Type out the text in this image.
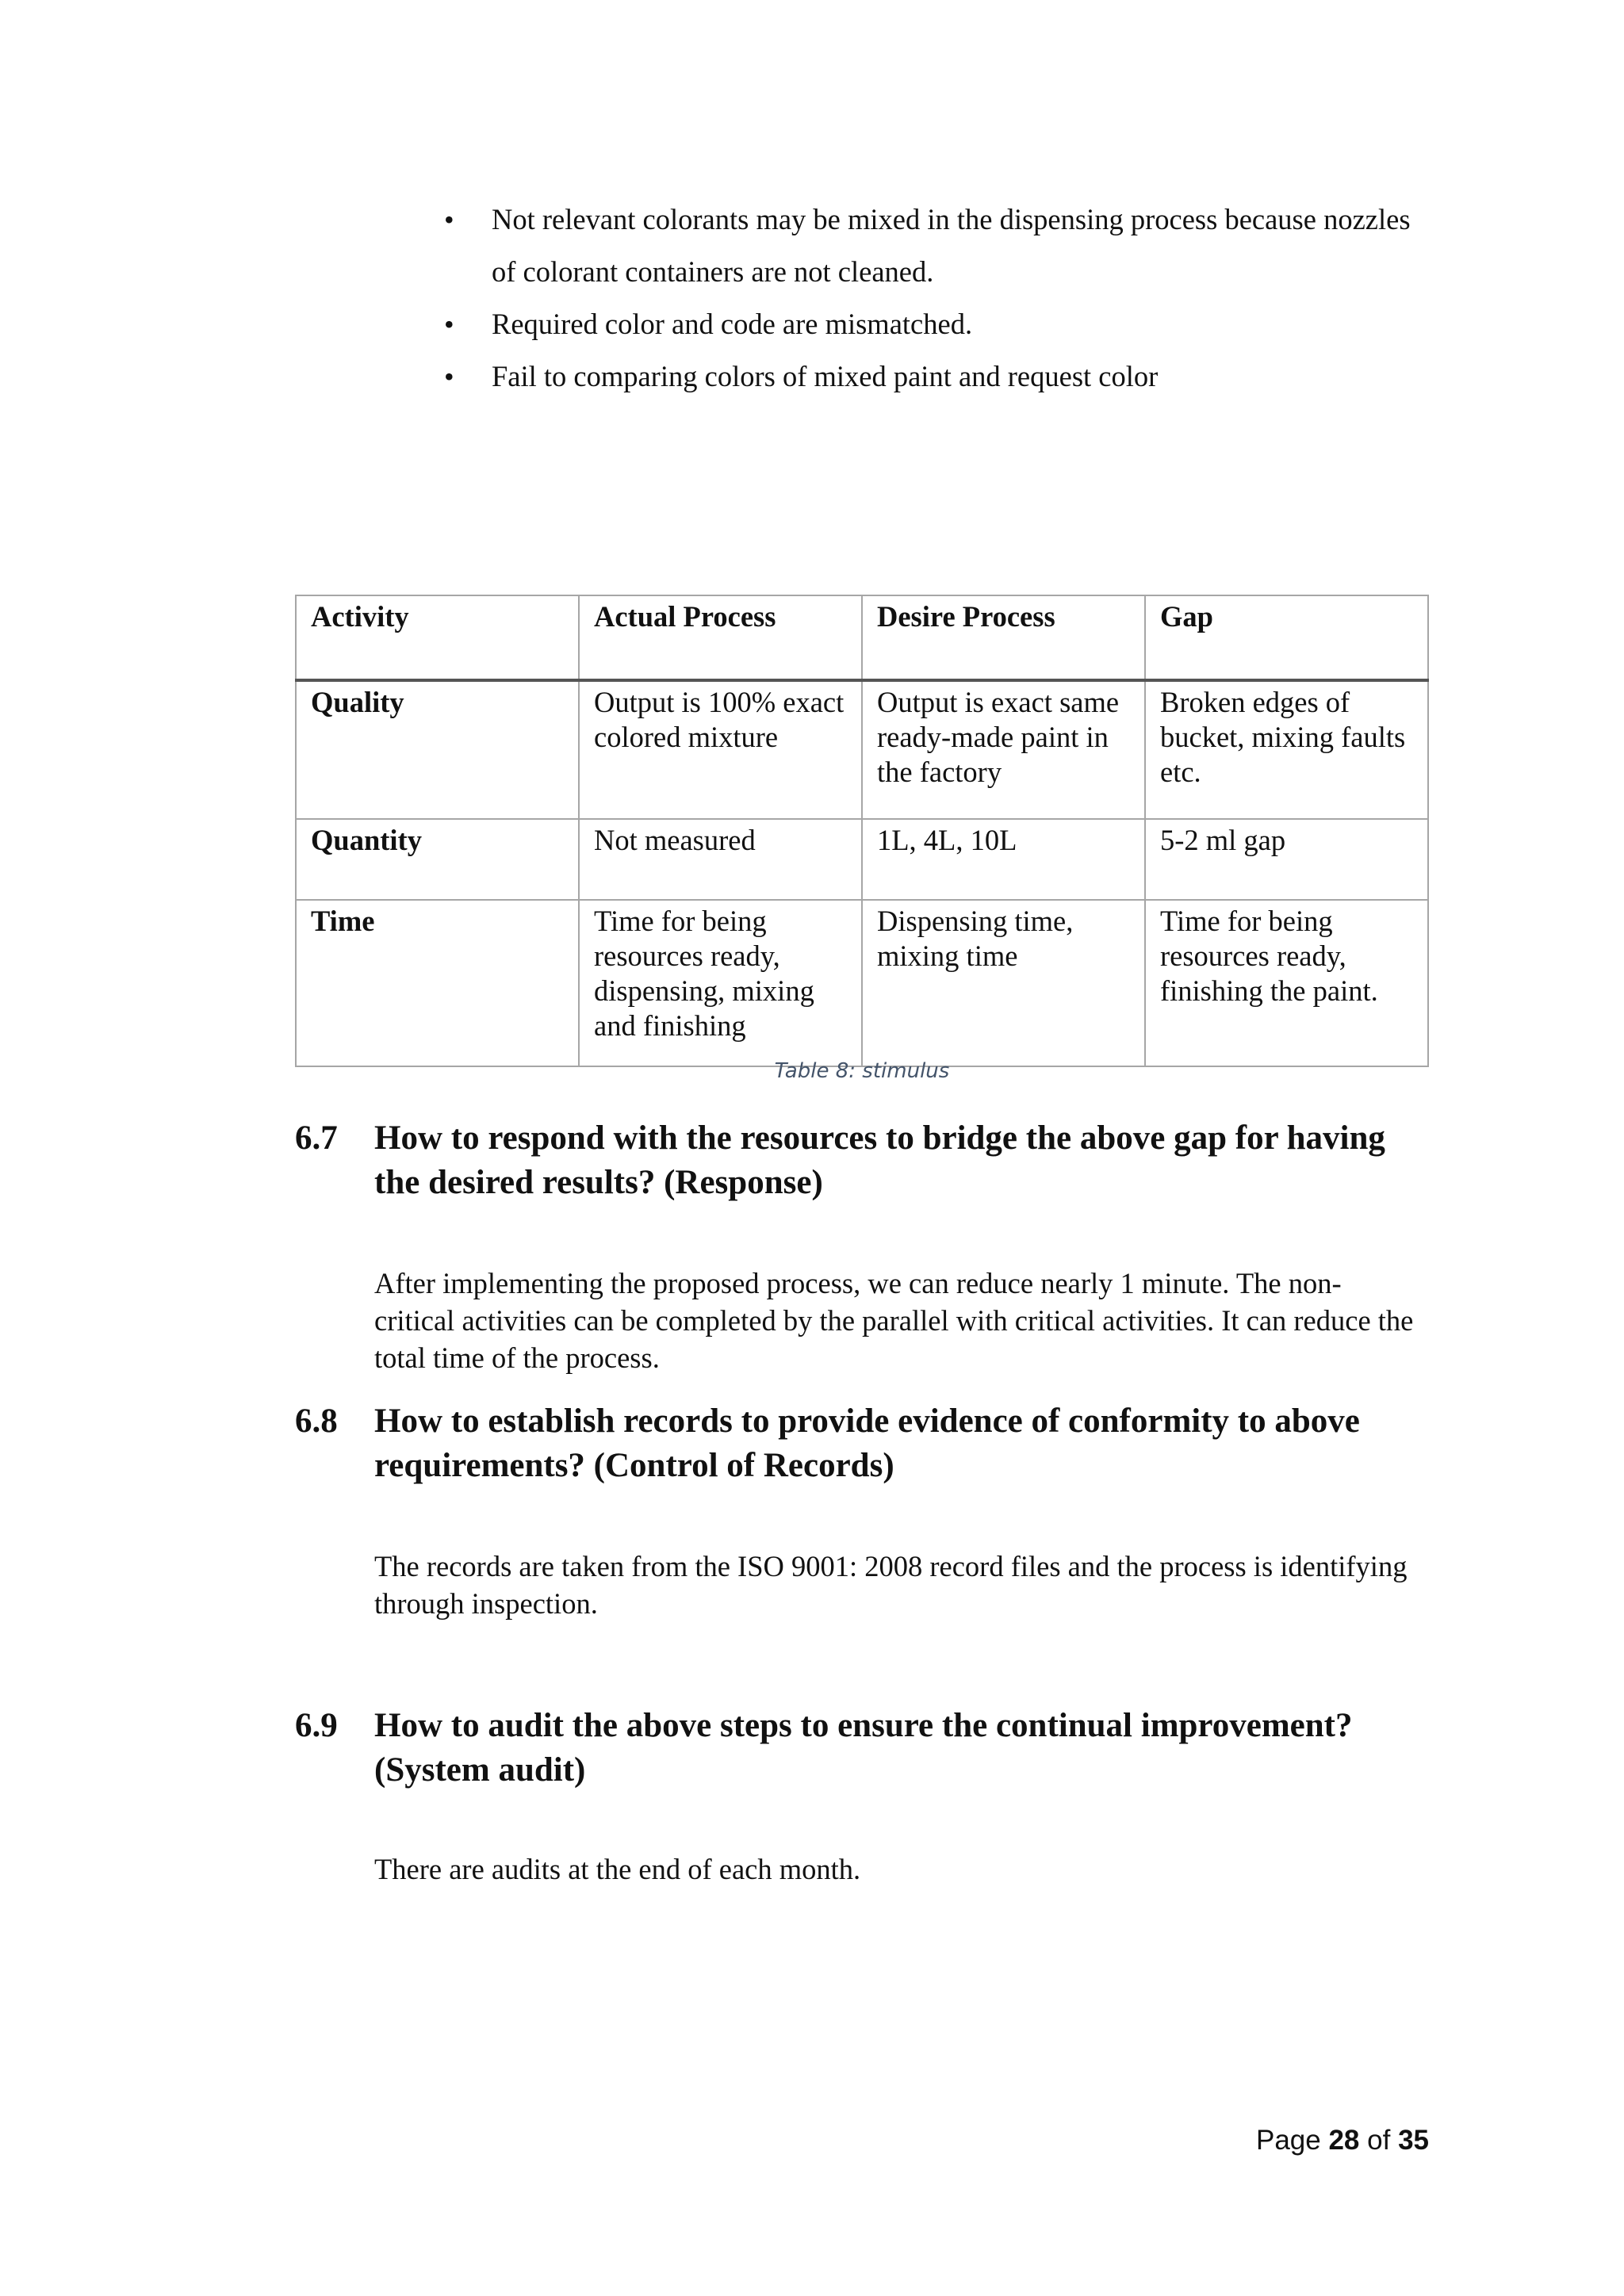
• Not relevant colorants may be mixed in the dispensing process because nozzles of colorant containers are not cleaned.
• Required color and code are mismatched.
• Fail to comparing colors of mixed paint and request color
Activity	Actual Process	Desire Process	Gap
Quality	Output is 100% exact colored mixture	Output is exact same ready-made paint in the factory	Broken edges of bucket, mixing faults etc.
Quantity	Not measured	1L, 4L, 10L	5-2 ml gap
Time	Time for being resources ready, dispensing, mixing and finishing	Dispensing time, mixing time	Time for being resources ready, finishing the paint.
Table 8: stimulus
6.7 How to respond with the resources to bridge the above gap for having the desired results? (Response)
After implementing the proposed process, we can reduce nearly 1 minute. The non-critical activities can be completed by the parallel with critical activities. It can reduce the total time of the process.
6.8 How to establish records to provide evidence of conformity to above requirements? (Control of Records)
The records are taken from the ISO 9001: 2008 record files and the process is identifying through inspection.
6.9 How to audit the above steps to ensure the continual improvement? (System audit)
There are audits at the end of each month.
Page 28 of 35
